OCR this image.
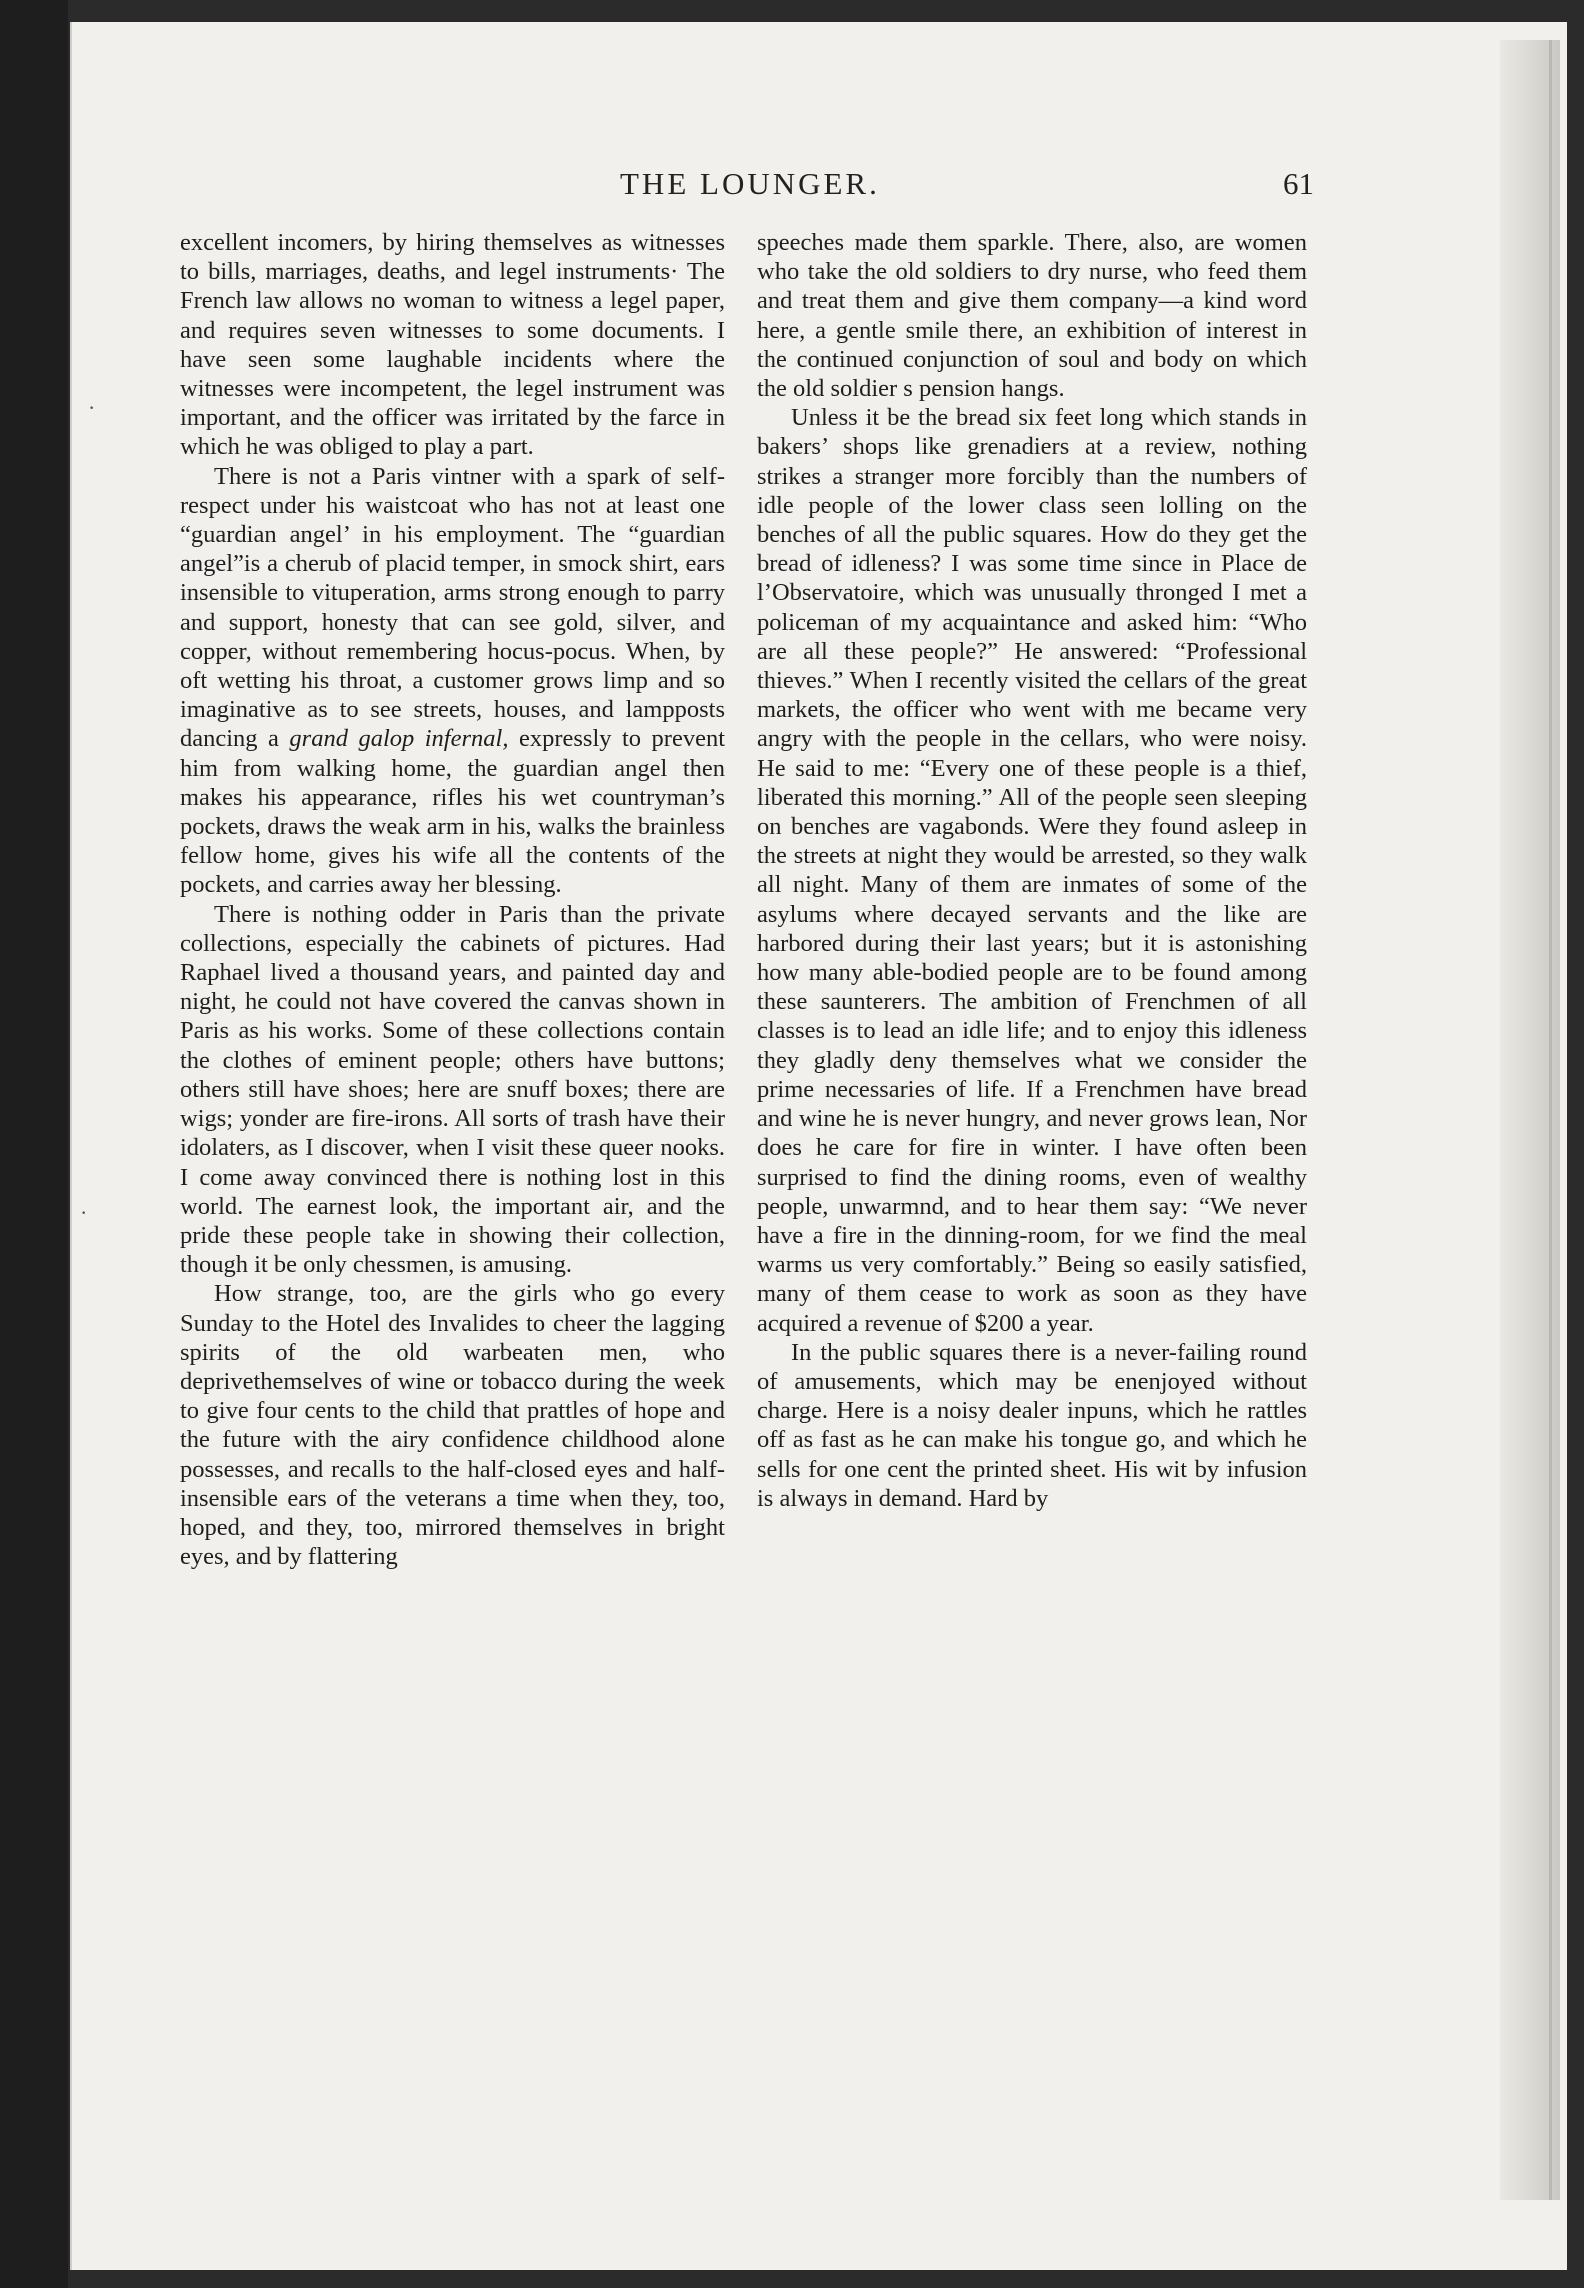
·
·
THE LOUNGER.	61

excellent incomers, by hiring themselves as witnesses to bills, marriages, deaths, and legel instruments· The French law allows no woman to witness a legel paper, and requires seven witnesses to some documents. I have seen some laughable incidents where the witnesses were incompetent, the legel instrument was important, and the officer was irritated by the farce in which he was obliged to play a part.

There is not a Paris vintner with a spark of self-respect under his waistcoat who has not at least one “guardian angel’ in his employment. The “guardian angel”is a cherub of placid temper, in smock shirt, ears insensible to vituperation, arms strong enough to parry and support, honesty that can see gold, silver, and copper, without remembering hocus-pocus. When, by oft wetting his throat, a customer grows limp and so imaginative as to see streets, houses, and lampposts dancing a grand galop infernal, expressly to prevent him from walking home, the guardian angel then makes his appearance, rifles his wet countryman’s pockets, draws the weak arm in his, walks the brainless fellow home, gives his wife all the contents of the pockets, and carries away her blessing.

There is nothing odder in Paris than the private collections, especially the cabinets of pictures. Had Raphael lived a thousand years, and painted day and night, he could not have covered the canvas shown in Paris as his works. Some of these collections contain the clothes of eminent people; others have buttons; others still have shoes; here are snuff boxes; there are wigs; yonder are fire-irons. All sorts of trash have their idolaters, as I discover, when I visit these queer nooks. I come away convinced there is nothing lost in this world. The earnest look, the important air, and the pride these people take in showing their collection, though it be only chessmen, is amusing.

How strange, too, are the girls who go every Sunday to the Hotel des Invalides to cheer the lagging spirits of the old warbeaten men, who deprivethemselves of wine or tobacco during the week to give four cents to the child that prattles of hope and the future with the airy confidence childhood alone possesses, and recalls to the half-closed eyes and half-insensible ears of the veterans a time when they, too, hoped, and they, too, mirrored themselves in bright eyes, and by flattering

speeches made them sparkle. There, also, are women who take the old soldiers to dry nurse, who feed them and treat them and give them company—a kind word here, a gentle smile there, an exhibition of interest in the continued conjunction of soul and body on which the old soldier s pension hangs.

Unless it be the bread six feet long which stands in bakers’ shops like grenadiers at a review, nothing strikes a stranger more forcibly than the numbers of idle people of the lower class seen lolling on the benches of all the public squares. How do they get the bread of idleness? I was some time since in Place de l’Observatoire, which was unusually thronged I met a policeman of my acquaintance and asked him: “Who are all these people?” He answered: “Professional thieves.” When I recently visited the cellars of the great markets, the officer who went with me became very angry with the people in the cellars, who were noisy. He said to me: “Every one of these people is a thief, liberated this morning.” All of the people seen sleeping on benches are vagabonds. Were they found asleep in the streets at night they would be arrested, so they walk all night. Many of them are inmates of some of the asylums where decayed servants and the like are harbored during their last years; but it is astonishing how many able-bodied people are to be found among these saunterers. The ambition of Frenchmen of all classes is to lead an idle life; and to enjoy this idleness they gladly deny themselves what we consider the prime necessaries of life. If a Frenchmen have bread and wine he is never hungry, and never grows lean, Nor does he care for fire in winter. I have often been surprised to find the dining rooms, even of wealthy people, unwarmnd, and to hear them say: “We never have a fire in the dinning-room, for we find the meal warms us very comfortably.” Being so easily satisfied, many of them cease to work as soon as they have acquired a revenue of $200 a year.

In the public squares there is a never-failing round of amusements, which may be enenjoyed without charge. Here is a noisy dealer inpuns, which he rattles off as fast as he can make his tongue go, and which he sells for one cent the printed sheet. His wit by infusion is always in demand. Hard by
